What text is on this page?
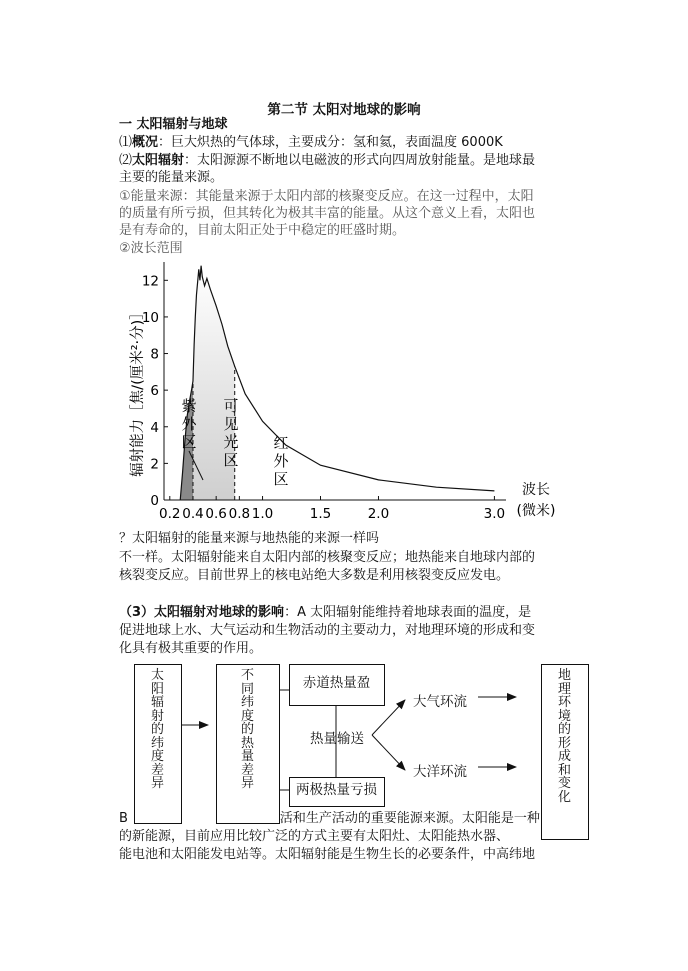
第二节 太阳对地球的影响
一 太阳辐射与地球
⑴概况：巨大炽热的气体球，主要成分：氢和氦，表面温度 6000K
⑵太阳辐射：太阳源源不断地以电磁波的形式向四周放射能量。是地球最
主要的能量来源。
①能量来源：其能量来源于太阳内部的核聚变反应。在这一过程中，太阳
的质量有所亏损，但其转化为极其丰富的能量。从这个意义上看，太阳也
是有寿命的，目前太阳正处于中稳定的旺盛时期。
②波长范围
0
2
4
6
8
10
12
0.2 0.4 0.6 0.8 1.0	1.5	2.0	3.0
波长
(微米)
辐射能力［焦/(厘米²·分)］ 紫
外
区
可
见
光
区
红
外
区
？太阳辐射的能量来源与地热能的来源一样吗
不一样。太阳辐射能来自太阳内部的核聚变反应；地热能来自地球内部的
核裂变反应。目前世界上的核电站绝大多数是利用核裂变反应发电。
（3）太阳辐射对地球的影响：A 太阳辐射能维持着地球表面的温度，是
促进地球上水、大气运动和生物活动的主要动力，对地理环境的形成和变
化具有极其重要的作用。
B	活和生产活动的重要能源来源。太阳能是一种
的新能源，目前应用比较广泛的方式主要有太阳灶、太阳能热水器、
能电池和太阳能发电站等。太阳辐射能是生物生长的必要条件，中高纬地
太
阳
辐
射
的
纬
度
差
异
不
同
纬
度
的
热
量
差
异
赤道热量盈
两极热量亏损
热量输送
大气环流
大洋环流
地
理
环
境
的
形
成
和
变
化
